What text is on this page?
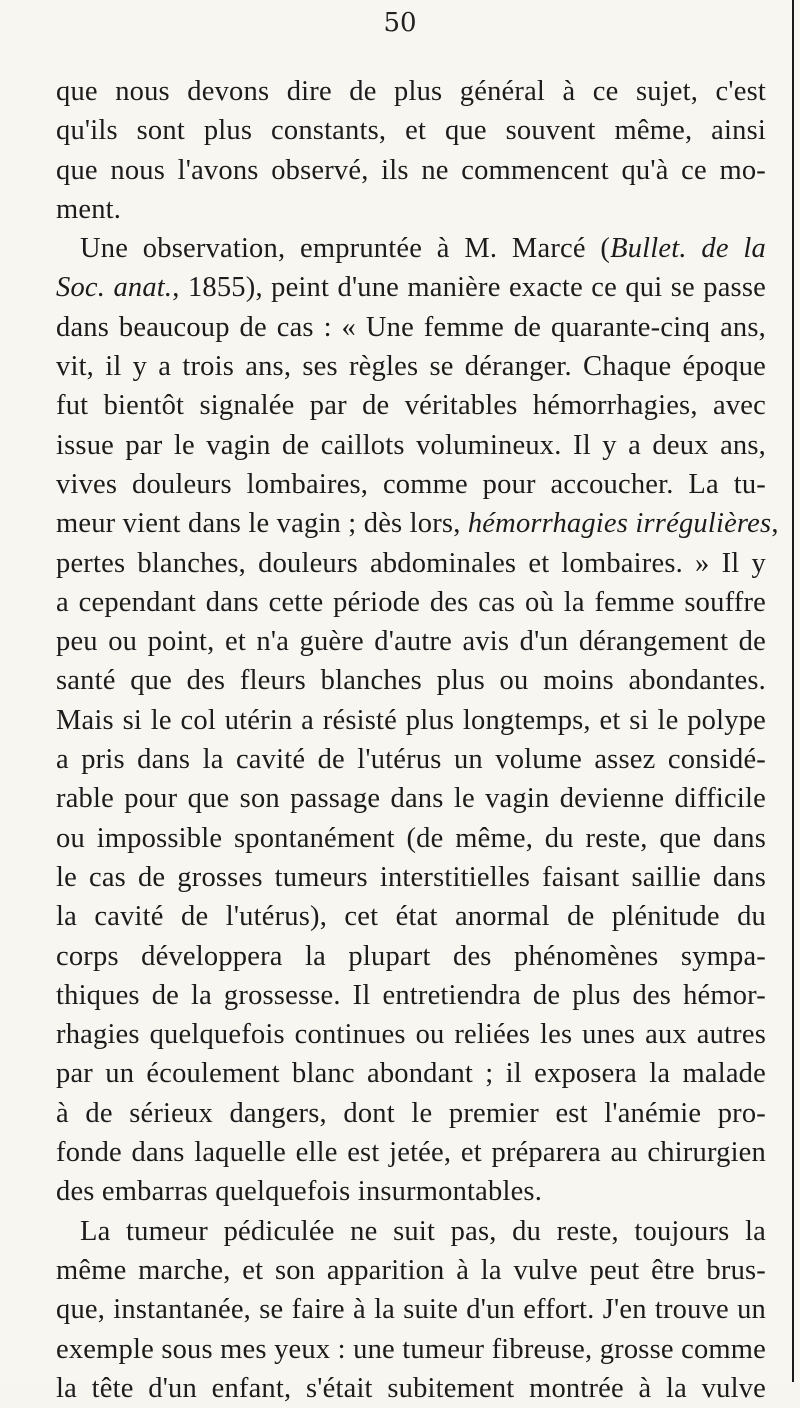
50
que nous devons dire de plus général à ce sujet, c'est
qu'ils sont plus constants, et que souvent même, ainsi
que nous l'avons observé, ils ne commencent qu'à ce mo-
ment.
Une observation, empruntée à M. Marcé (Bullet. de la
Soc. anat., 1855), peint d'une manière exacte ce qui se passe
dans beaucoup de cas : « Une femme de quarante-cinq ans,
vit, il y a trois ans, ses règles se déranger. Chaque époque
fut bientôt signalée par de véritables hémorrhagies, avec
issue par le vagin de caillots volumineux. Il y a deux ans,
vives douleurs lombaires, comme pour accoucher. La tu-
meur vient dans le vagin ; dès lors, hémorrhagies irrégulières,
pertes blanches, douleurs abdominales et lombaires. » Il y
a cependant dans cette période des cas où la femme souffre
peu ou point, et n'a guère d'autre avis d'un dérangement de
santé que des fleurs blanches plus ou moins abondantes.
Mais si le col utérin a résisté plus longtemps, et si le polype
a pris dans la cavité de l'utérus un volume assez considé-
rable pour que son passage dans le vagin devienne difficile
ou impossible spontanément (de même, du reste, que dans
le cas de grosses tumeurs interstitielles faisant saillie dans
la cavité de l'utérus), cet état anormal de plénitude du
corps développera la plupart des phénomènes sympa-
thiques de la grossesse. Il entretiendra de plus des hémor-
rhagies quelquefois continues ou reliées les unes aux autres
par un écoulement blanc abondant ; il exposera la malade
à de sérieux dangers, dont le premier est l'anémie pro-
fonde dans laquelle elle est jetée, et préparera au chirurgien
des embarras quelquefois insurmontables.
La tumeur pédiculée ne suit pas, du reste, toujours la
même marche, et son apparition à la vulve peut être brus-
que, instantanée, se faire à la suite d'un effort. J'en trouve un
exemple sous mes yeux : une tumeur fibreuse, grosse comme
la tête d'un enfant, s'était subitement montrée à la vulve
